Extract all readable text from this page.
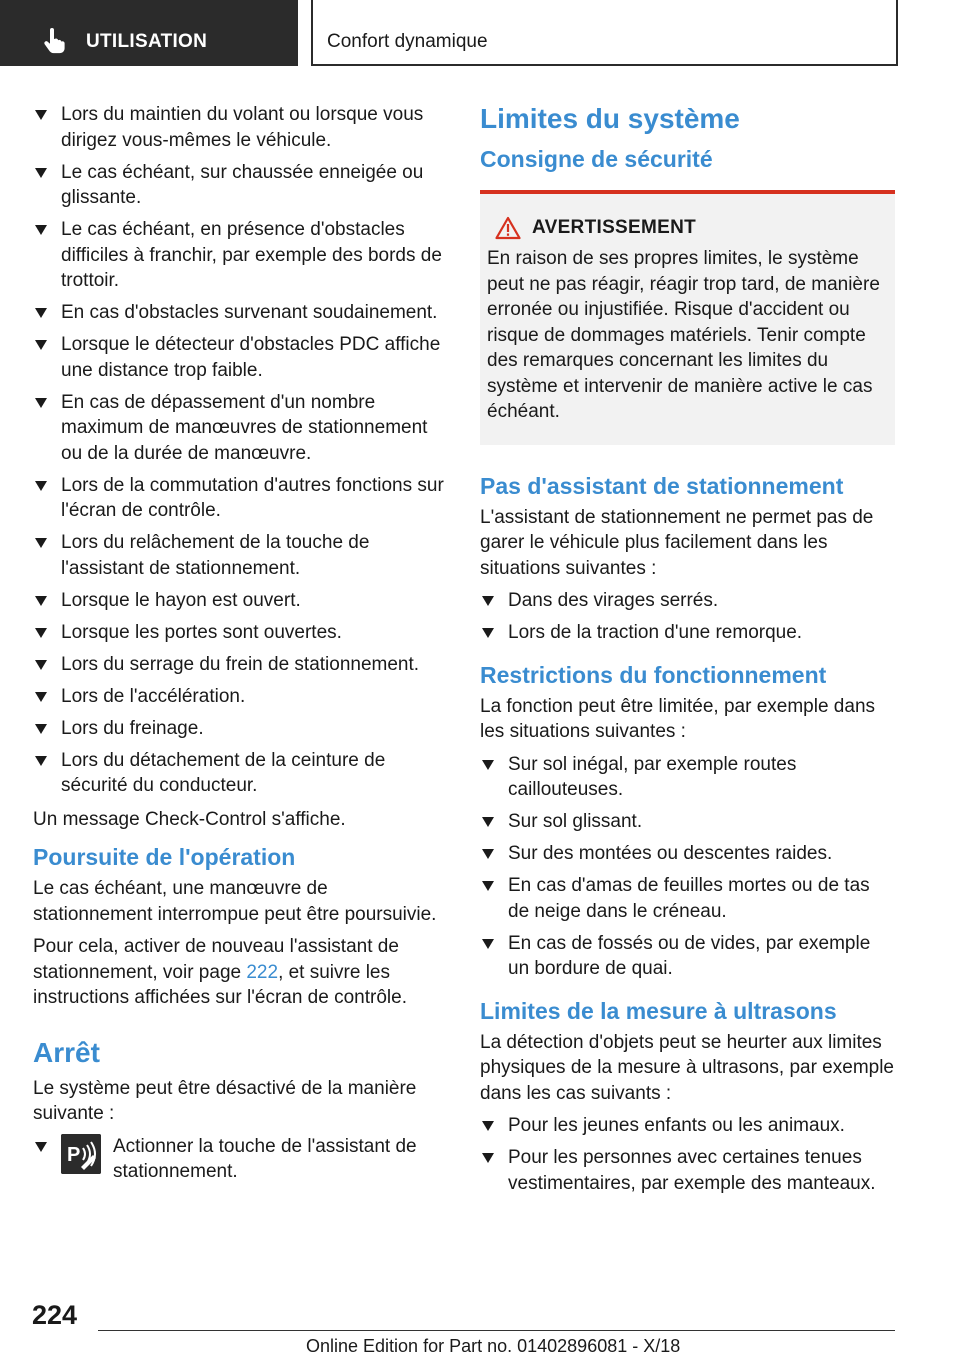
UTILISATION	Confort dynamique
Lors du maintien du volant ou lorsque vous dirigez vous-mêmes le véhicule.
Le cas échéant, sur chaussée enneigée ou glissante.
Le cas échéant, en présence d'obstacles difficiles à franchir, par exemple des bords de trottoir.
En cas d'obstacles survenant soudainement.
Lorsque le détecteur d'obstacles PDC affiche une distance trop faible.
En cas de dépassement d'un nombre maximum de manœuvres de stationnement ou de la durée de manœuvre.
Lors de la commutation d'autres fonctions sur l'écran de contrôle.
Lors du relâchement de la touche de l'assistant de stationnement.
Lorsque le hayon est ouvert.
Lorsque les portes sont ouvertes.
Lors du serrage du frein de stationnement.
Lors de l'accélération.
Lors du freinage.
Lors du détachement de la ceinture de sécurité du conducteur.

Un message Check-Control s'affiche.

Poursuite de l'opération

Le cas échéant, une manœuvre de stationnement interrompue peut être poursuivie.

Pour cela, activer de nouveau l'assistant de stationnement, voir page 222, et suivre les instructions affichées sur l'écran de contrôle.

Arrêt

Le système peut être désactivé de la manière suivante :

P Actionner la touche de l'assistant de stationnement.
Limites du système
Consigne de sécurité
AVERTISSEMENT

En raison de ses propres limites, le système peut ne pas réagir, réagir trop tard, de manière erronée ou injustifiée. Risque d'accident ou risque de dommages matériels. Tenir compte des remarques concernant les limites du système et intervenir de manière active le cas échéant.

Pas d'assistant de stationnement

L'assistant de stationnement ne permet pas de garer le véhicule plus facilement dans les situations suivantes :

Dans des virages serrés.
Lors de la traction d'une remorque.
Restrictions du fonctionnement

La fonction peut être limitée, par exemple dans les situations suivantes :

Sur sol inégal, par exemple routes caillouteuses.
Sur sol glissant.
Sur des montées ou descentes raides.
En cas d'amas de feuilles mortes ou de tas de neige dans le créneau.
En cas de fossés ou de vides, par exemple un bordure de quai.
Limites de la mesure à ultrasons

La détection d'objets peut se heurter aux limites physiques de la mesure à ultrasons, par exemple dans les cas suivants :

Pour les jeunes enfants ou les animaux.
Pour les personnes avec certaines tenues vestimentaires, par exemple des manteaux.
224
Online Edition for Part no. 01402896081 - X/18
